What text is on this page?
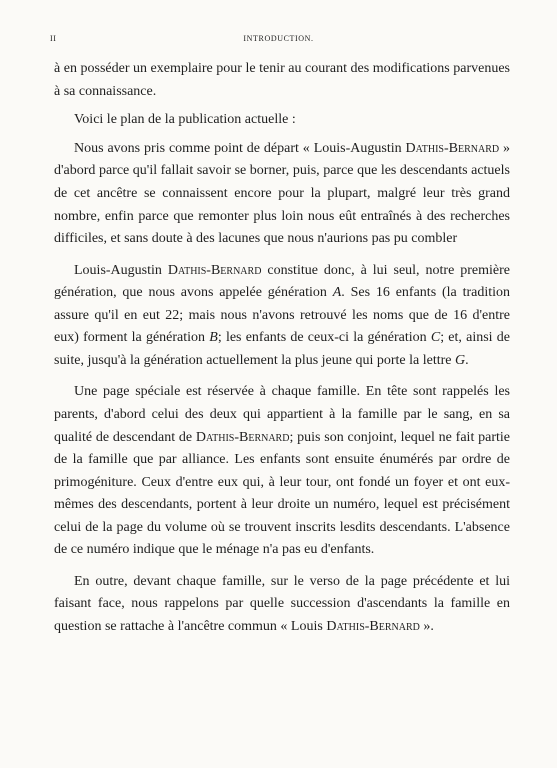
II	INTRODUCTION.

à en posséder un exemplaire pour le tenir au courant des modifications parvenues à sa connaissance.

Voici le plan de la publication actuelle :

Nous avons pris comme point de départ « Louis-Augustin Dathis-Bernard » d'abord parce qu'il fallait savoir se borner, puis, parce que les descendants actuels de cet ancêtre se connaissent encore pour la plupart, malgré leur très grand nombre, enfin parce que remonter plus loin nous eût entraînés à des recherches difficiles, et sans doute à des lacunes que nous n'aurions pas pu combler

Louis-Augustin Dathis-Bernard constitue donc, à lui seul, notre première génération, que nous avons appelée génération A. Ses 16 enfants (la tradition assure qu'il en eut 22; mais nous n'avons retrouvé les noms que de 16 d'entre eux) forment la génération B; les enfants de ceux-ci la génération C; et, ainsi de suite, jusqu'à la génération actuellement la plus jeune qui porte la lettre G.

Une page spéciale est réservée à chaque famille. En tête sont rappelés les parents, d'abord celui des deux qui appartient à la famille par le sang, en sa qualité de descendant de Dathis-Bernard; puis son conjoint, lequel ne fait partie de la famille que par alliance. Les enfants sont ensuite énumérés par ordre de primogéniture. Ceux d'entre eux qui, à leur tour, ont fondé un foyer et ont eux-mêmes des descendants, portent à leur droite un numéro, lequel est précisément celui de la page du volume où se trouvent inscrits lesdits descendants. L'absence de ce numéro indique que le ménage n'a pas eu d'enfants.

En outre, devant chaque famille, sur le verso de la page précédente et lui faisant face, nous rappelons par quelle succession d'ascendants la famille en question se rattache à l'ancêtre commun « Louis Dathis-Bernard ».
